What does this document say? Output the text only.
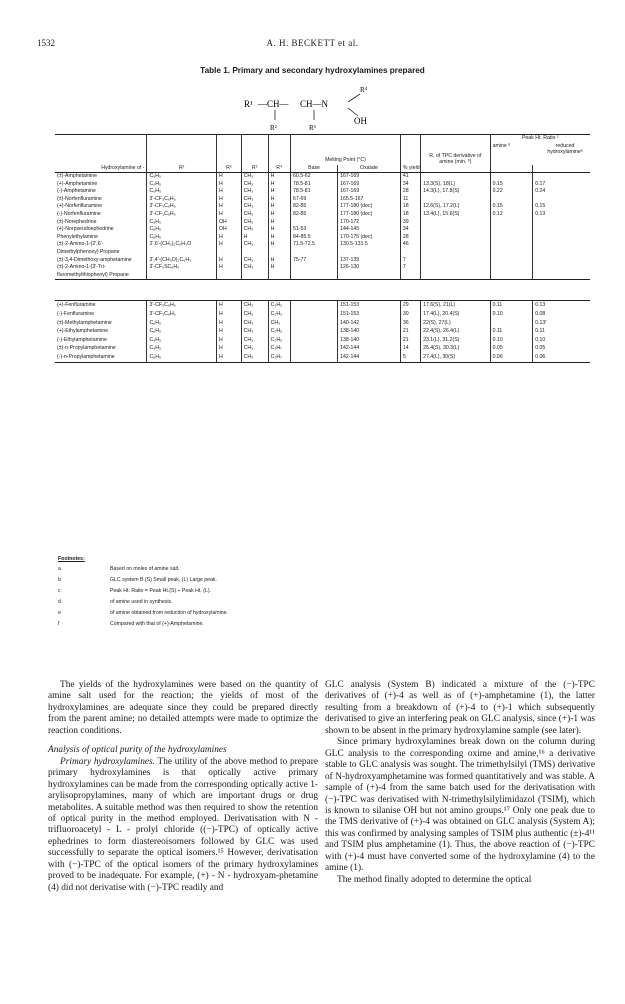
1532	A. H. BECKETT et al.
Table 1. Primary and secondary hydroxylamines prepared
R¹ —CH— CH—N
R⁴
OH
R²	R³
					Melting Point (°C)			R, of TPC derivative of amine (min. ᵇ)	Peak Ht. Ratio ᶜ
amine ᵈ reduced hydroxylamineᵉ	

Hydroxylamine of -	R¹	R²	R³	R⁴	Base	Oxalate	% yield			
(±)-Amphetamine	C₆H₅	H	CH₃	H	60.5-62	167-169	41			
(+)-Amphetamine	C₆H₅	H	CH₃	H	78.5-81	167-169	34	13.3(S), 18(L)	0.15	0.17
(-)-Amphetamine	C₆H₅	H	CH₃	H	78.5-81	167-169	28	14.3(L), 17.8(S)	0.22	0.24
(±)-Norfenfluramine	3'-CF₃C₆H₅	H	CH₃	H	67-69	165.5-167	11			
(+)-Norfenfluramine	3'-CF₃C₆H₅	H	CH₃	H	82-85	177-180 (dec)	18	12.6(S), 17.2(L)	0.15	0.15
(-)-Norfenfluramine	3'-CF₃C₆H₅	H	CH₃	H	82-85	177-180 (dec)	18	13.4(L), 15.6(S)	0.12	0.13
(±)-Norephedrine	C₆H₅	OH	CH₃	H		170-172	39			
(+)-Norpseudoephedrine	C₆H₅	OH	CH₃	H	51-53	144-145	34			
Phenylethylamine	C₆H₅	H	H	H	84-85.5	170-175 (dec)	28			
(±)-2-Amino-1-(2',6'-Dimethylphenoxy) Propane	2',6'-(CH₃)₂C₆H₃O	H	CH₃	H	71.5-72.5	130.5-131.5	46			
(±)-3,4-Dimethoxy-amphetamine	3',4'-(CH₃O)₂C₆H₃	H	CH₃	H	75-77	137-139	7			
(±)-2-Amino-1-(3'-Tri-fluromethylthiophenyl) Propane	3'-CF₃SC₆H₅	H	CH₃	H		126-130	7			
(+)-Fenfluramine	3'-CF₃C₆H₅	H	CH₃	C₂H₅		151-153	29	17.6(S), 21(L)	0.11	0.13
(-)-Fenfluramine	3'-CF₃C₆H₅	H	CH₃	C₂H₅		151-153	30	17.4(L), 20.4(S)	0.10	0.08
(±)-Methylamphetamine	C₆H₅	H	CH₃	CH₃		140-142	36	22(S), 27(L)		0.13ᶠ
(+)-Ethylamphetamine	C₆H₅	H	CH₃	C₂H₅		138-140	21	22.4(S), 26.4(L)	0.11	0.11
(-)-Ethylamphetamine	C₆H₅	H	CH₃	C₂H₅		138-140	21	23.1(L), 31.2(S)	0.10	0.10
(±)-n-Propylamphetamine	C₆H₅	H	CH₃	C₃H₇		142-144	14	25.4(S), 30.3(L)	0.05	0.05
(-)-n-Propylamphetamine	C₆H₅	H	CH₃	C₃H₇		142-144	5	27.4(L), 30(S)	0.06	0.06
Footnotes:
a	Based on moles of amine salt.
b	GLC system B (S) Small peak, (L) Large peak.
c	Peak Ht. Ratio = Peak Ht.(S) ÷ Peak Ht. (L).
d	of amine used in synthesis.
e	of amine obtained from reduction of hydroxylamine.
f	Compared with that of (+)-Amphetamine.

The yields of the hydroxylamines were based on the quantity of amine salt used for the reaction; the yields of most of the hydroxylamines are adequate since they could be prepared directly from the parent amine; no detailed attempts were made to optimize the reaction conditions.

Analysis of optical purity of the hydroxylamines

Primary hydroxylamines. The utility of the above method to prepare primary hydroxylamines is that optically active primary hydroxylamines can be made from the corresponding optically active 1-arylisopropylamines, many of which are important drugs or drug metabolites. A suitable method was then required to show the retention of optical purity in the method employed. Derivatisation with N - trifluoroacetyl - L - prolyl chloride ((−)-TPC) of optically active ephedrines to form diastereoisomers followed by GLC was used successfully to separate the optical isomers.¹⁵ However, derivatisation with (−)-TPC of the optical isomers of the primary hydroxylamines proved to be inadequate. For example, (+) - N - hydroxyam-phetamine (4) did not derivatise with (−)-TPC readily and

GLC analysis (System B) indicated a mixture of the (−)-TPC derivatives of (+)-4 as well as of (+)-amphetamine (1), the latter resulting from a breakdown of (+)-4 to (+)-1 which subsequently derivatised to give an interfering peak on GLC analysis, since (+)-1 was shown to be absent in the primary hydroxylamine sample (see later).

Since primary hydroxylamines break down on the column during GLC analysis to the corresponding oxime and amine,¹⁶ a derivative stable to GLC analysis was sought. The trimethylsilyl (TMS) derivative of N-hydroxyamphetamine was formed quantitatively and was stable. A sample of (+)-4 from the same batch used for the derivatisation with (−)-TPC was derivatised with N-trimethylsilylimidazol (TSIM), which is known to silanise OH but not amino groups.¹⁷ Only one peak due to the TMS derivative of (+)-4 was obtained on GLC analysis (System A); this was confirmed by analysing samples of TSIM plus authentic (±)-4¹¹ and TSIM plus amphetamine (1). Thus, the above reaction of (−)-TPC with (+)-4 must have converted some of the hydroxylamine (4) to the amine (1).

The method finally adopted to determine the optical
